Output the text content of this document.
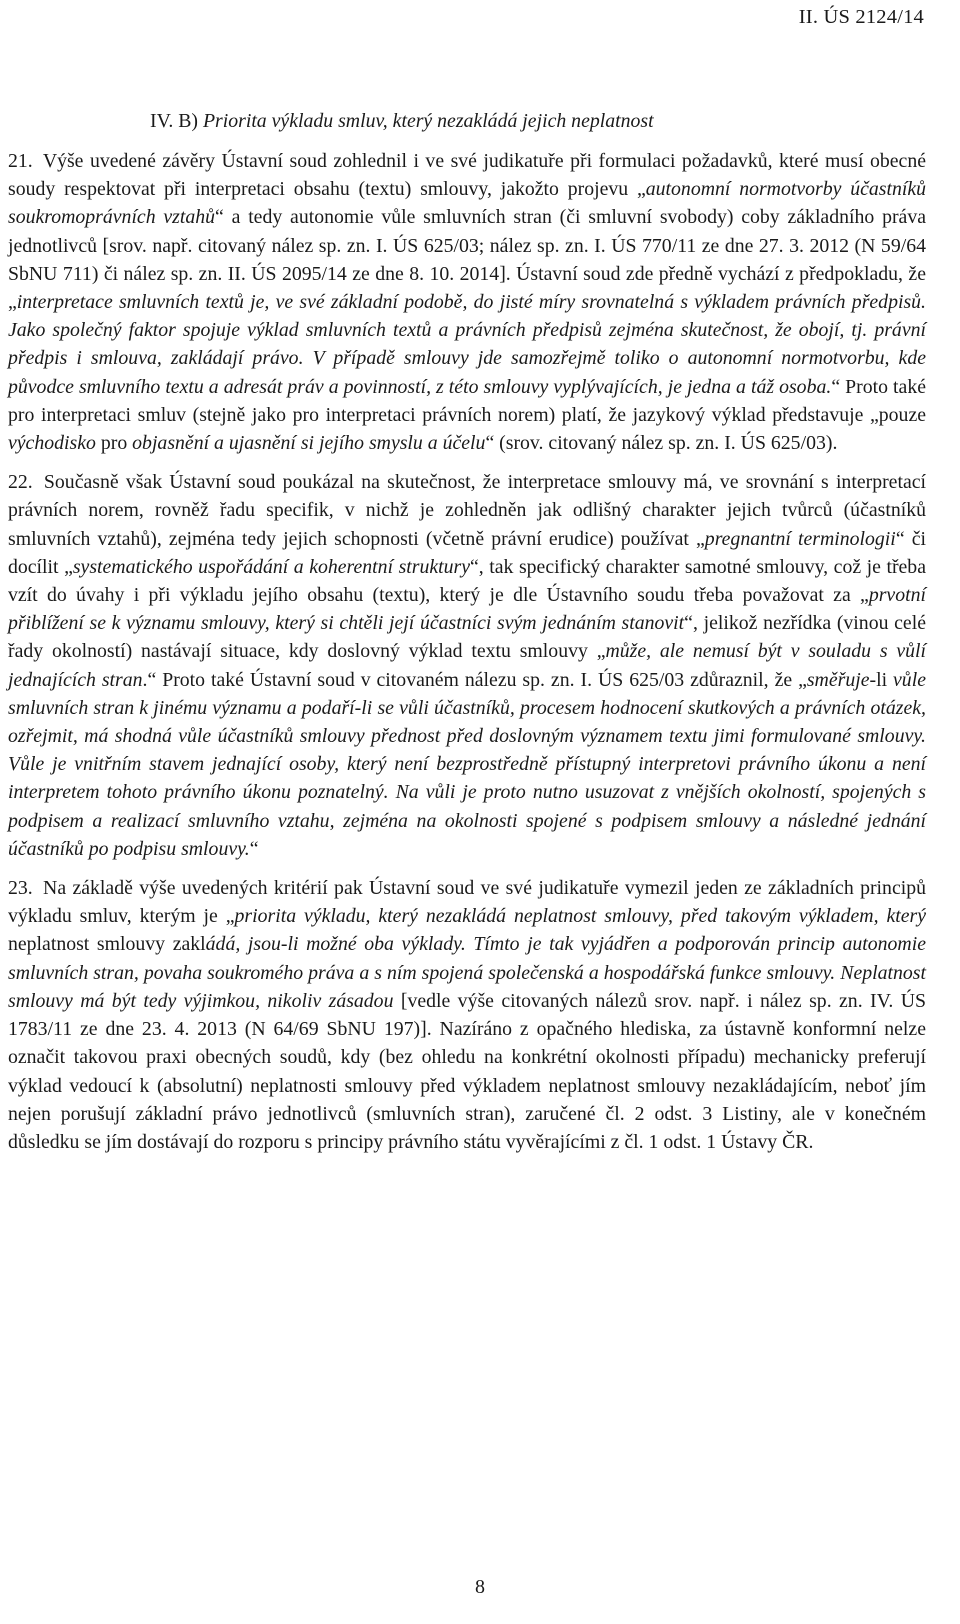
II. ÚS 2124/14
IV. B) Priorita výkladu smluv, který nezakládá jejich neplatnost

21. Výše uvedené závěry Ústavní soud zohlednil i ve své judikatuře při formulaci požadavků, které musí obecné soudy respektovat při interpretaci obsahu (textu) smlouvy, jakožto projevu „autonomní normotvorby účastníků soukromoprávních vztahů“ a tedy autonomie vůle smluvních stran (či smluvní svobody) coby základního práva jednotlivců [srov. např. citovaný nález sp. zn. I. ÚS 625/03; nález sp. zn. I. ÚS 770/11 ze dne 27. 3. 2012 (N 59/64 SbNU 711) či nález sp. zn. II. ÚS 2095/14 ze dne 8. 10. 2014]. Ústavní soud zde předně vychází z předpokladu, že „interpretace smluvních textů je, ve své základní podobě, do jisté míry srovnatelná s výkladem právních předpisů. Jako společný faktor spojuje výklad smluvních textů a právních předpisů zejména skutečnost, že obojí, tj. právní předpis i smlouva, zakládají právo. V případě smlouvy jde samozřejmě toliko o autonomní normotvorbu, kde původce smluvního textu a adresát práv a povinností, z této smlouvy vyplývajících, je jedna a táž osoba.“ Proto také pro interpretaci smluv (stejně jako pro interpretaci právních norem) platí, že jazykový výklad představuje „pouze východisko pro objasnění a ujasnění si jejího smyslu a účelu“ (srov. citovaný nález sp. zn. I. ÚS 625/03).

22. Současně však Ústavní soud poukázal na skutečnost, že interpretace smlouvy má, ve srovnání s interpretací právních norem, rovněž řadu specifik, v nichž je zohledněn jak odlišný charakter jejich tvůrců (účastníků smluvních vztahů), zejména tedy jejich schopnosti (včetně právní erudice) používat „pregnantní terminologii“ či docílit „systematického uspořádání a koherentní struktury“, tak specifický charakter samotné smlouvy, což je třeba vzít do úvahy i při výkladu jejího obsahu (textu), který je dle Ústavního soudu třeba považovat za „prvotní přiblížení se k významu smlouvy, který si chtěli její účastníci svým jednáním stanovit“, jelikož nezřídka (vinou celé řady okolností) nastávají situace, kdy doslovný výklad textu smlouvy „může, ale nemusí být v souladu s vůlí jednajících stran.“ Proto také Ústavní soud v citovaném nálezu sp. zn. I. ÚS 625/03 zdůraznil, že „směřuje-li vůle smluvních stran k jinému významu a podaří-li se vůli účastníků, procesem hodnocení skutkových a právních otázek, ozřejmit, má shodná vůle účastníků smlouvy přednost před doslovným významem textu jimi formulované smlouvy. Vůle je vnitřním stavem jednající osoby, který není bezprostředně přístupný interpretovi právního úkonu a není interpretem tohoto právního úkonu poznatelný. Na vůli je proto nutno usuzovat z vnějších okolností, spojených s podpisem a realizací smluvního vztahu, zejména na okolnosti spojené s podpisem smlouvy a následné jednání účastníků po podpisu smlouvy.“

23. Na základě výše uvedených kritérií pak Ústavní soud ve své judikatuře vymezil jeden ze základních principů výkladu smluv, kterým je „priorita výkladu, který nezakládá neplatnost smlouvy, před takovým výkladem, který neplatnost smlouvy zakládá, jsou-li možné oba výklady. Tímto je tak vyjádřen a podporován princip autonomie smluvních stran, povaha soukromého práva a s ním spojená společenská a hospodářská funkce smlouvy. Neplatnost smlouvy má být tedy výjimkou, nikoliv zásadou [vedle výše citovaných nálezů srov. např. i nález sp. zn. IV. ÚS 1783/11 ze dne 23. 4. 2013 (N 64/69 SbNU 197)]. Nazíráno z opačného hlediska, za ústavně konformní nelze označit takovou praxi obecných soudů, kdy (bez ohledu na konkrétní okolnosti případu) mechanicky preferují výklad vedoucí k (absolutní) neplatnosti smlouvy před výkladem neplatnost smlouvy nezakládajícím, neboť jím nejen porušují základní právo jednotlivců (smluvních stran), zaručené čl. 2 odst. 3 Listiny, ale v konečném důsledku se jím dostávají do rozporu s principy právního státu vyvěrajícími z čl. 1 odst. 1 Ústavy ČR.

8
